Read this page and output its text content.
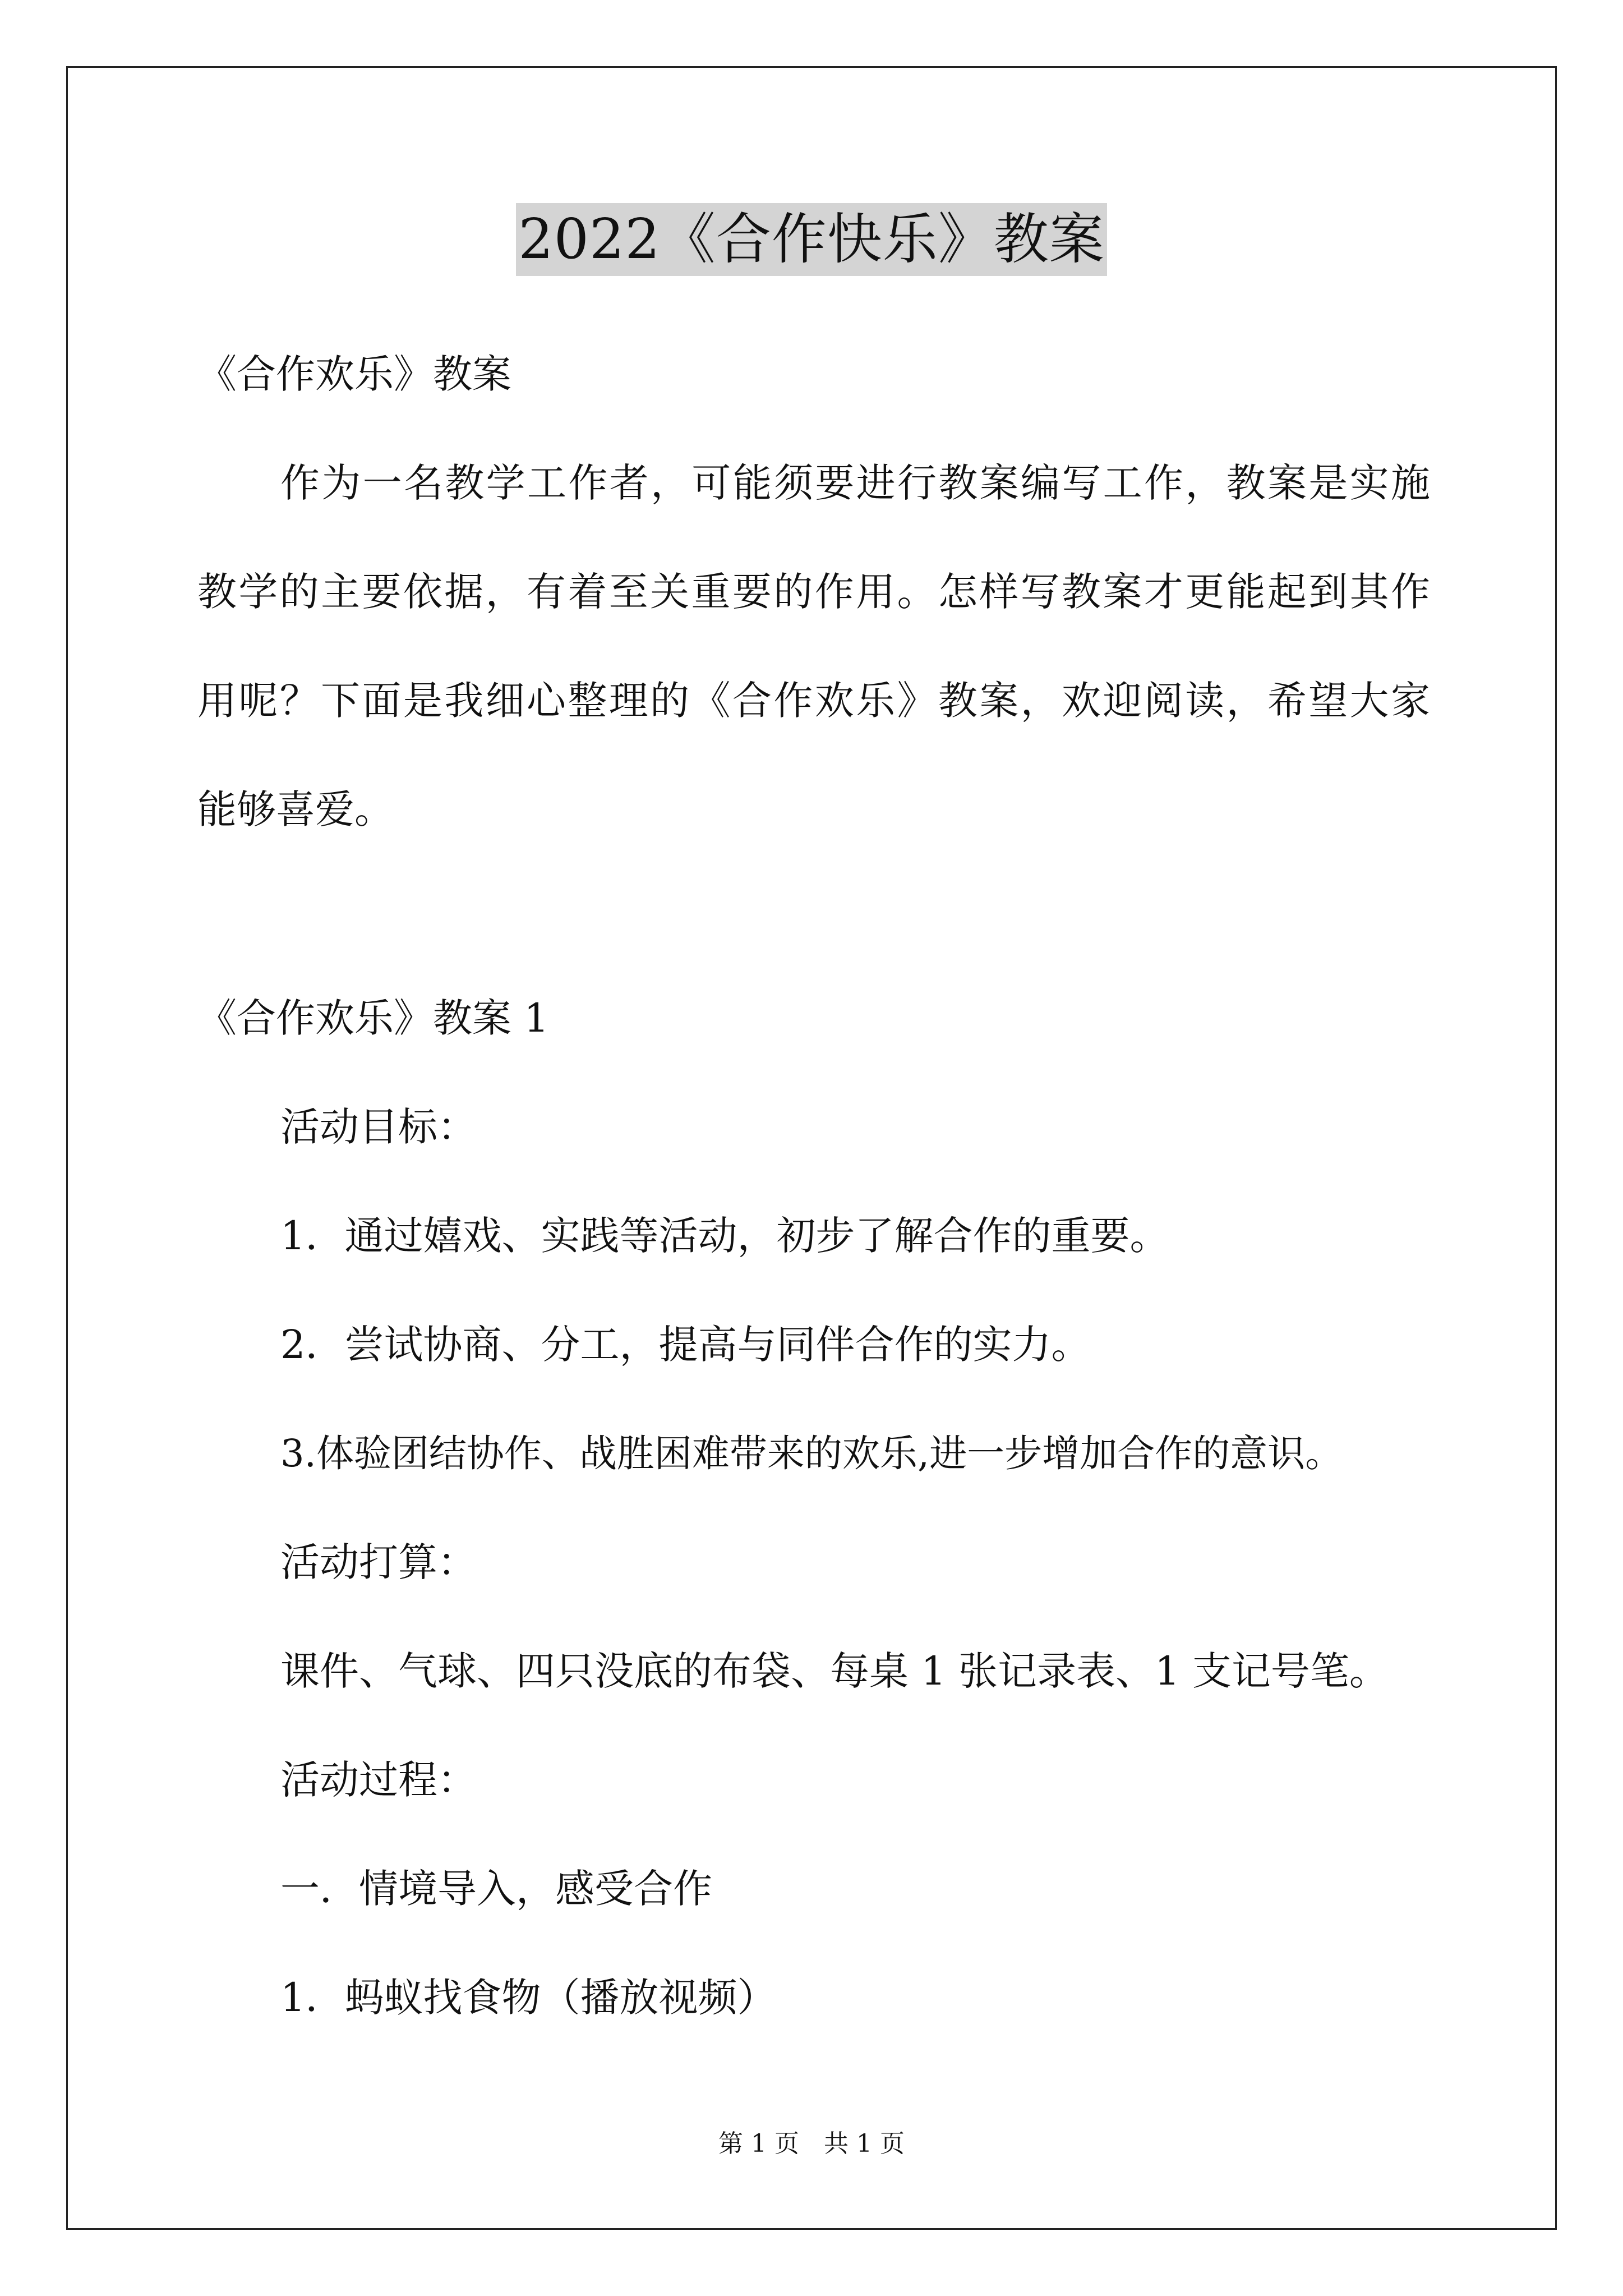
2022《合作快乐》教案
《合作欢乐》教案
作为一名教学工作者，可能须要进行教案编写工作，教案是实施
教学的主要依据，有着至关重要的作用。怎样写教案才更能起到其作
用呢？下面是我细心整理的《合作欢乐》教案，欢迎阅读，希望大家
能够喜爱。
《合作欢乐》教案 1
活动目标：
1．通过嬉戏、实践等活动，初步了解合作的重要。
2．尝试协商、分工，提高与同伴合作的实力。
3.体验团结协作、战胜困难带来的欢乐,进一步增加合作的意识。
活动打算：
课件、气球、四只没底的布袋、每桌 1 张记录表、1 支记号笔。
活动过程：
一．情境导入，感受合作
1．蚂蚁找食物（播放视频）
第 1 页　共 1 页
